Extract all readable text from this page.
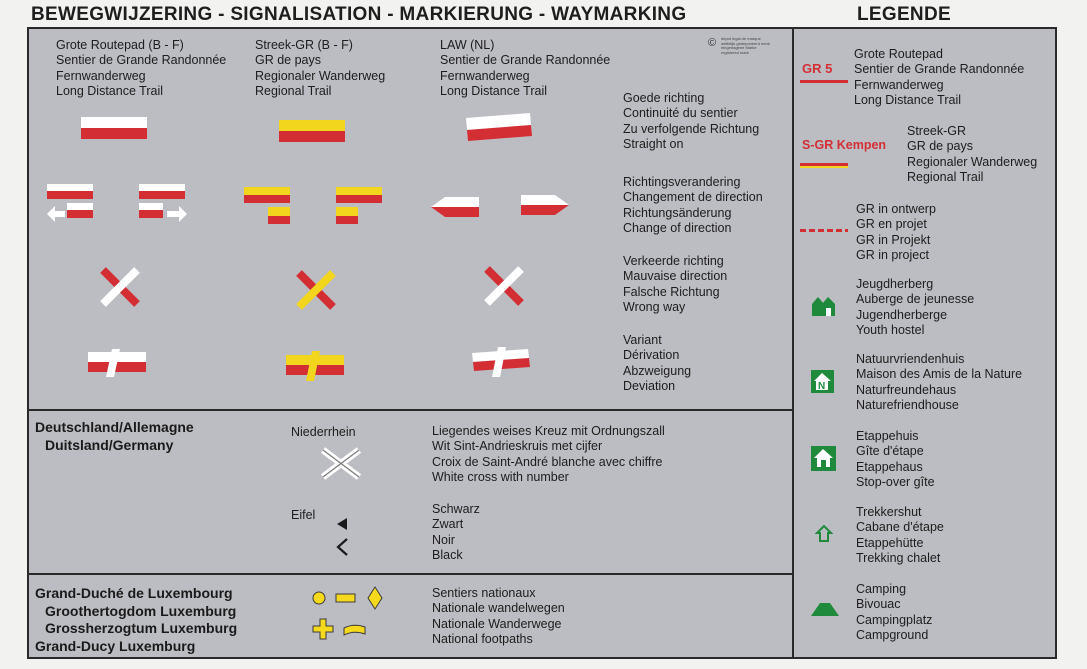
BEWEGWIJZERING - SIGNALISATION - MARKIERUNG - WAYMARKING	LEGENDE
Grote Routepad (B - F)
Sentier de Grande Randonnée
Fernwanderweg
Long Distance Trail
Streek-GR (B - F)
GR de pays
Regionaler Wanderweg
Regional Trail
LAW (NL)
Sentier de Grande Randonnée
Fernwanderweg
Long Distance Trail
© depot legal de marque
wettelijk gedeponeerd merk
eingetragene Marke
registered mark
Goede richting
Continuité du sentier
Zu verfolgende Richtung
Straight on
Richtingsverandering
Changement de direction
Richtungsänderung
Change of direction
Verkeerde richting
Mauvaise direction
Falsche Richtung
Wrong way
Variant
Dérivation
Abzweigung
Deviation
Deutschland/Allemagne
Duitsland/Germany
Niederrhein	Liegendes weises Kreuz mit Ordnungszall
Wit Sint-Andrieskruis met cijfer
Croix de Saint-André blanche avec chiffre
White cross with number
Eifel	Schwarz
Zwart
Noir
Black
Grand-Duché de Luxembourg
Groothertogdom Luxemburg
Grossherzogtum Luxemburg
Grand-Ducy Luxemburg
Sentiers nationaux
Nationale wandelwegen
Nationale Wanderwege
National footpaths
GR 5
Grote Routepad
Sentier de Grande Randonnée
Fernwanderweg
Long Distance Trail
S-GR Kempen
Streek-GR
GR de pays
Regionaler Wanderweg
Regional Trail
GR in ontwerp
GR en projet
GR in Projekt
GR in project
Jeugdherberg
Auberge de jeunesse
Jugendherberge
Youth hostel
N
Natuurvriendenhuis
Maison des Amis de la Nature
Naturfreundehaus
Naturefriendhouse
Etappehuis
Gîte d'étape
Etappehaus
Stop-over gîte
Trekkershut
Cabane d'étape
Etappehütte
Trekking chalet
Camping
Bivouac
Campingplatz
Campground
